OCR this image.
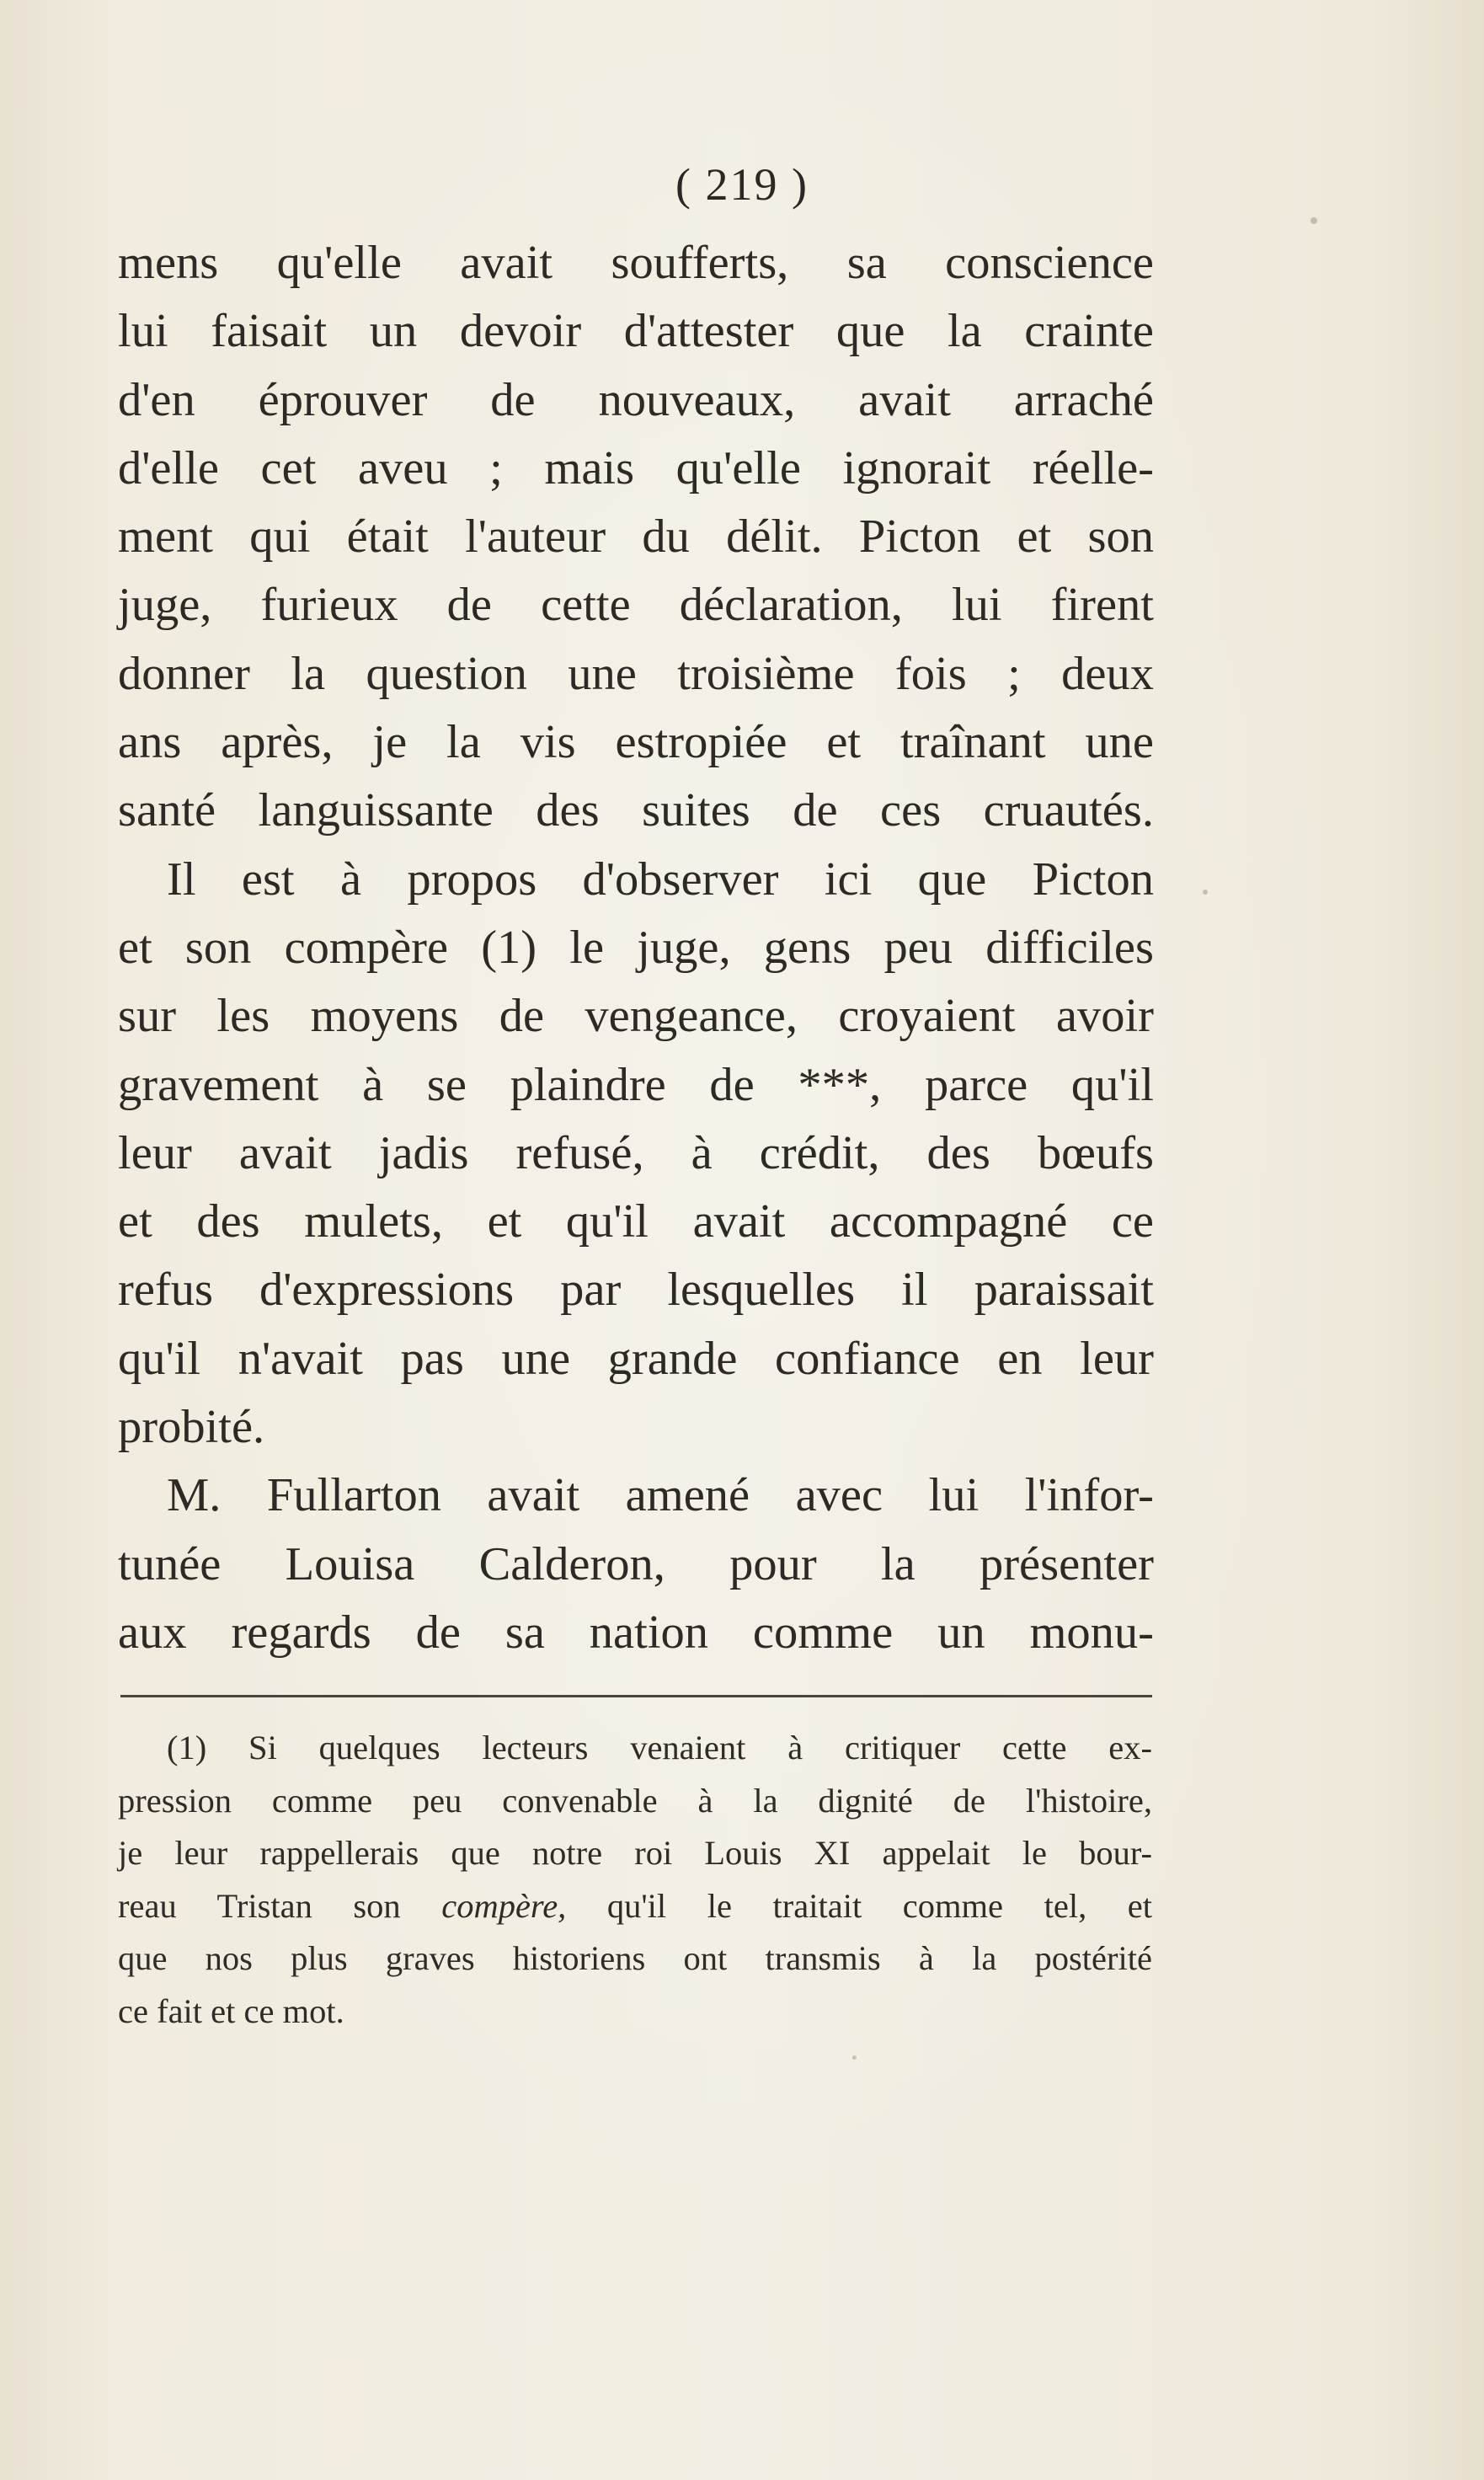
( 219 )
mens qu'elle avait soufferts, sa conscience
lui faisait un devoir d'attester que la crainte
d'en éprouver de nouveaux, avait arraché
d'elle cet aveu ; mais qu'elle ignorait réelle-
ment qui était l'auteur du délit. Picton et son
juge, furieux de cette déclaration, lui firent
donner la question une troisième fois ; deux
ans après, je la vis estropiée et traînant une
santé languissante des suites de ces cruautés.
Il est à propos d'observer ici que Picton
et son compère (1) le juge, gens peu difficiles
sur les moyens de vengeance, croyaient avoir
gravement à se plaindre de ***, parce qu'il
leur avait jadis refusé, à crédit, des bœufs
et des mulets, et qu'il avait accompagné ce
refus d'expressions par lesquelles il paraissait
qu'il n'avait pas une grande confiance en leur
probité.
M. Fullarton avait amené avec lui l'infor-
tunée Louisa Calderon, pour la présenter
aux regards de sa nation comme un monu-
(1) Si quelques lecteurs venaient à critiquer cette ex-
pression comme peu convenable à la dignité de l'histoire,
je leur rappellerais que notre roi Louis XI appelait le bour-
reau Tristan son compère, qu'il le traitait comme tel, et
que nos plus graves historiens ont transmis à la postérité
ce fait et ce mot.
